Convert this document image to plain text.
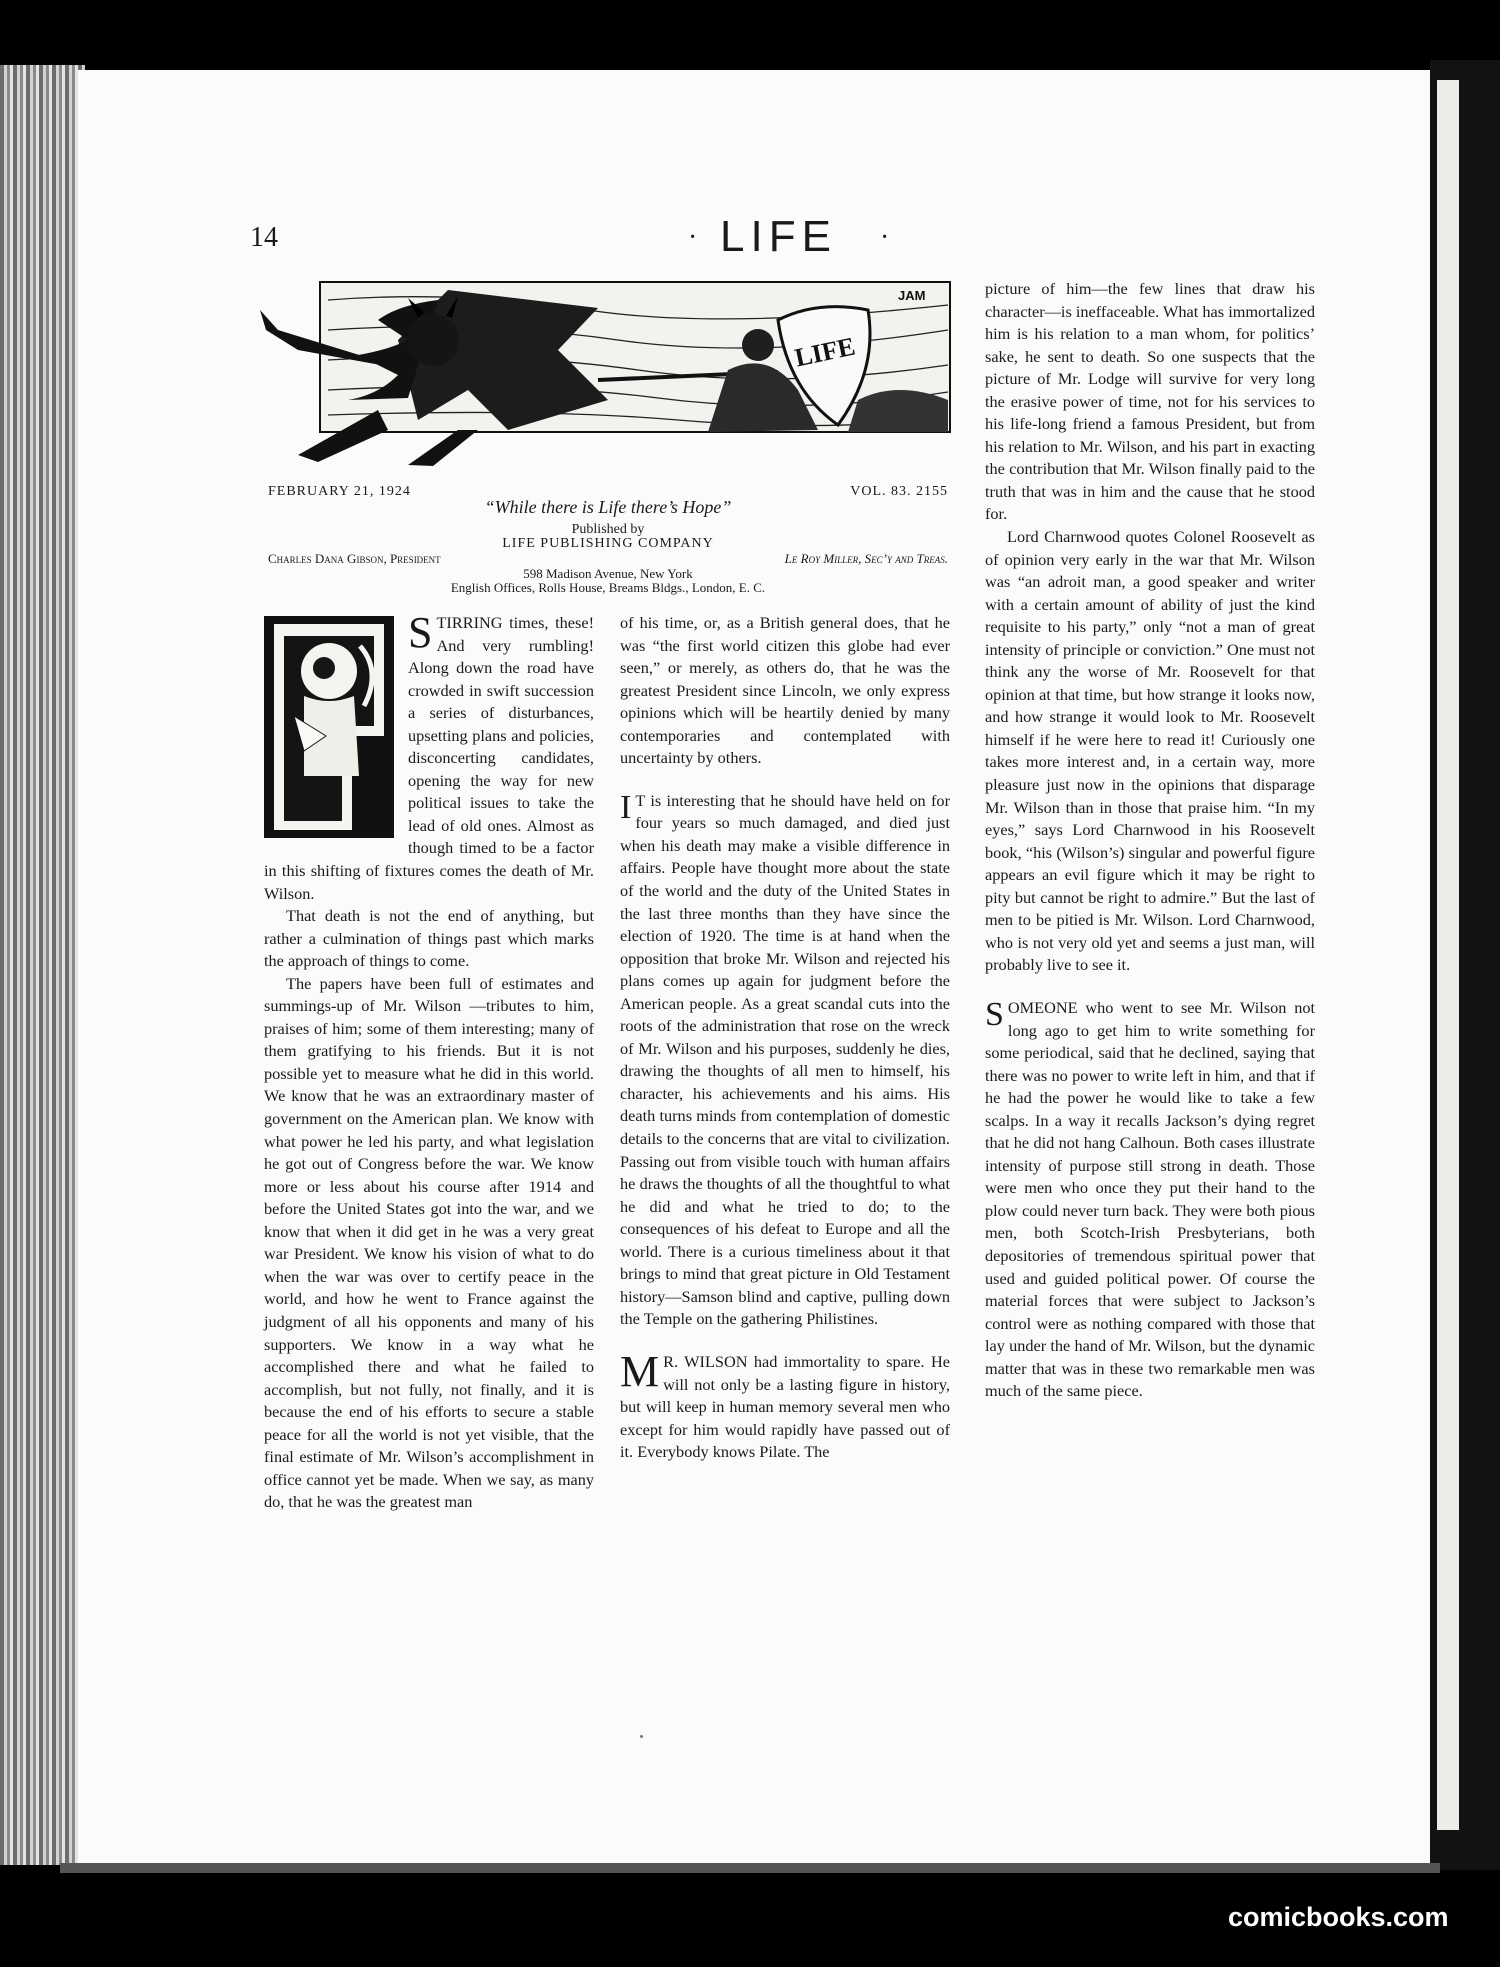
14	· LIFE ·
LIFE
JAM
FEBRUARY 21, 1924	VOL. 83. 2155
“While there is Life there’s Hope”
Published by
LIFE PUBLISHING COMPANY
Charles Dana Gibson, President	Le Roy Miller, Sec’y and Treas.
598 Madison Avenue, New York
English Offices, Rolls House, Breams Bldgs., London, E. C.

STIRRING times, these! And very rumbling! Along down the road have crowded in swift succession a series of disturbances, upsetting plans and policies, disconcerting candidates, opening the way for new political issues to take the lead of old ones. Almost as though timed to be a factor in this shifting of fixtures comes the death of Mr. Wilson.

That death is not the end of anything, but rather a culmination of things past which marks the approach of things to come.

The papers have been full of estimates and summings-up of Mr. Wilson —tributes to him, praises of him; some of them interesting; many of them gratifying to his friends. But it is not possible yet to measure what he did in this world. We know that he was an extraordinary master of government on the American plan. We know with what power he led his party, and what legislation he got out of Congress before the war. We know more or less about his course after 1914 and before the United States got into the war, and we know that when it did get in he was a very great war President. We know his vision of what to do when the war was over to certify peace in the world, and how he went to France against the judgment of all his opponents and many of his supporters. We know in a way what he accomplished there and what he failed to accomplish, but not fully, not finally, and it is because the end of his efforts to secure a stable peace for all the world is not yet visible, that the final estimate of Mr. Wilson’s accomplishment in office cannot yet be made. When we say, as many do, that he was the greatest man

of his time, or, as a British general does, that he was “the first world citizen this globe had ever seen,” or merely, as others do, that he was the greatest President since Lincoln, we only express opinions which will be heartily denied by many contemporaries and contemplated with uncertainty by others.

I T is interesting that he should have held on for four years so much damaged, and died just when his death may make a visible difference in affairs. People have thought more about the state of the world and the duty of the United States in the last three months than they have since the election of 1920. The time is at hand when the opposition that broke Mr. Wilson and rejected his plans comes up again for judgment before the American people. As a great scandal cuts into the roots of the administration that rose on the wreck of Mr. Wilson and his purposes, suddenly he dies, drawing the thoughts of all men to himself, his character, his achievements and his aims. His death turns minds from contemplation of domestic details to the concerns that are vital to civilization. Passing out from visible touch with human affairs he draws the thoughts of all the thoughtful to what he did and what he tried to do; to the consequences of his defeat to Europe and all the world. There is a curious timeliness about it that brings to mind that great picture in Old Testament history—Samson blind and captive, pulling down the Temple on the gathering Philistines.

M R. WILSON had immortality to spare. He will not only be a lasting figure in history, but will keep in human memory several men who except for him would rapidly have passed out of it. Everybody knows Pilate. The

picture of him—the few lines that draw his character—is ineffaceable. What has immortalized him is his relation to a man whom, for politics’ sake, he sent to death. So one suspects that the picture of Mr. Lodge will survive for very long the erasive power of time, not for his services to his life-long friend a famous President, but from his relation to Mr. Wilson, and his part in exacting the contribution that Mr. Wilson finally paid to the truth that was in him and the cause that he stood for.

Lord Charnwood quotes Colonel Roosevelt as of opinion very early in the war that Mr. Wilson was “an adroit man, a good speaker and writer with a certain amount of ability of just the kind requisite to his party,” only “not a man of great intensity of principle or conviction.” One must not think any the worse of Mr. Roosevelt for that opinion at that time, but how strange it looks now, and how strange it would look to Mr. Roosevelt himself if he were here to read it! Curiously one takes more interest and, in a certain way, more pleasure just now in the opinions that disparage Mr. Wilson than in those that praise him. “In my eyes,” says Lord Charnwood in his Roosevelt book, “his (Wilson’s) singular and powerful figure appears an evil figure which it may be right to pity but cannot be right to admire.” But the last of men to be pitied is Mr. Wilson. Lord Charnwood, who is not very old yet and seems a just man, will probably live to see it.

SOMEONE who went to see Mr. Wilson not long ago to get him to write something for some periodical, said that he declined, saying that there was no power to write left in him, and that if he had the power he would like to take a few scalps. In a way it recalls Jackson’s dying regret that he did not hang Calhoun. Both cases illustrate intensity of purpose still strong in death. Those were men who once they put their hand to the plow could never turn back. They were both pious men, both Scotch-Irish Presbyterians, both depositories of tremendous spiritual power that used and guided political power. Of course the material forces that were subject to Jackson’s control were as nothing compared with those that lay under the hand of Mr. Wilson, but the dynamic matter that was in these two remarkable men was much of the same piece.

comicbooks.com
